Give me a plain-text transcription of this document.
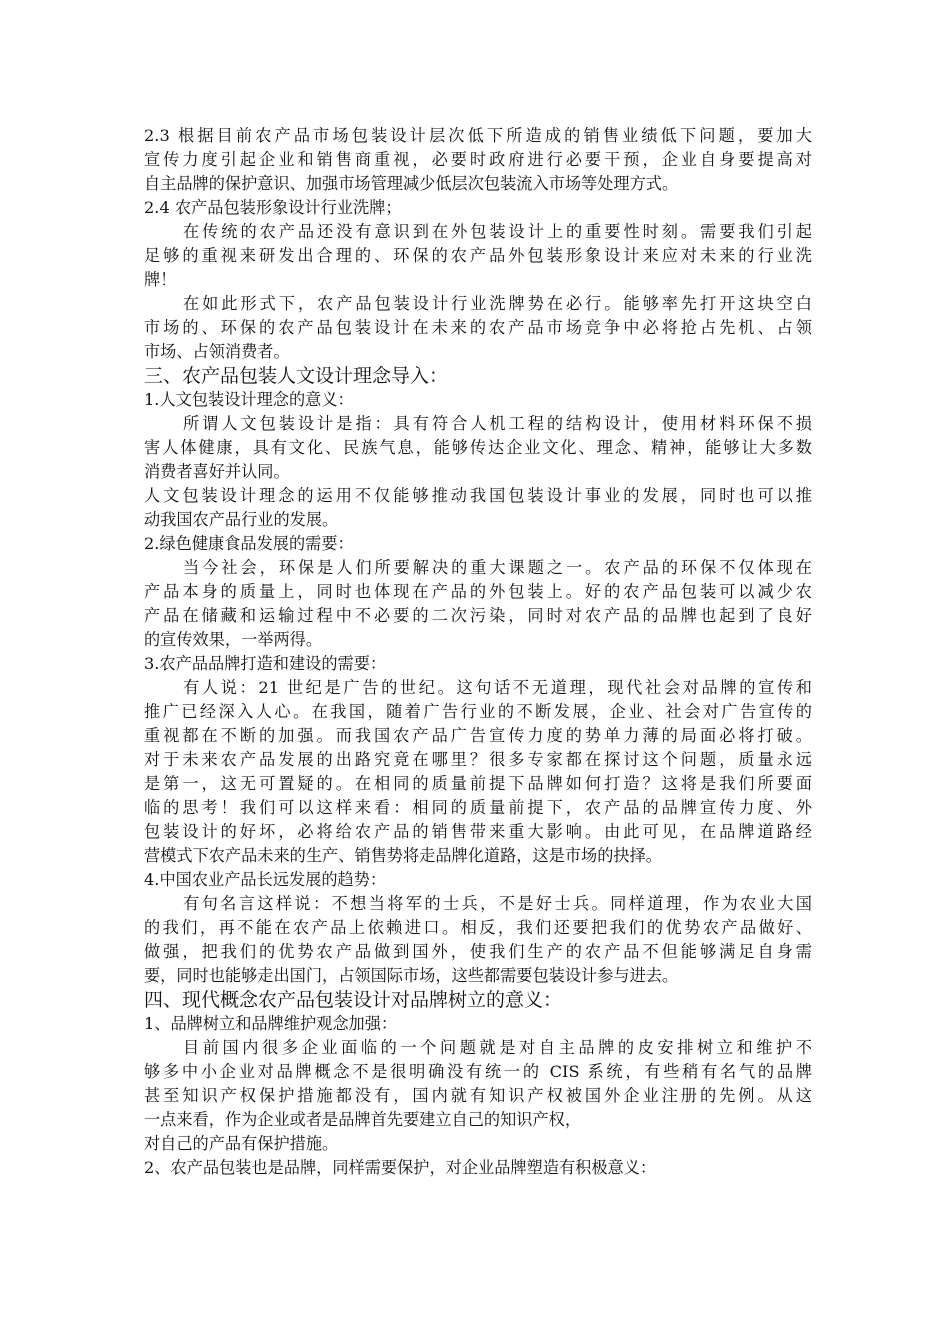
2.3 根据目前农产品市场包装设计层次低下所造成的销售业绩低下问题，要加大
宣传力度引起企业和销售商重视，必要时政府进行必要干预，企业自身要提高对
自主品牌的保护意识、加强市场管理减少低层次包装流入市场等处理方式。
2.4 农产品包装形象设计行业洗牌；
在传统的农产品还没有意识到在外包装设计上的重要性时刻。需要我们引起
足够的重视来研发出合理的、环保的农产品外包装形象设计来应对未来的行业洗
牌！
在如此形式下，农产品包装设计行业洗牌势在必行。能够率先打开这块空白
市场的、环保的农产品包装设计在未来的农产品市场竞争中必将抢占先机、占领
市场、占领消费者。
三、农产品包装人文设计理念导入：
1.人文包装设计理念的意义：
所谓人文包装设计是指：具有符合人机工程的结构设计，使用材料环保不损
害人体健康，具有文化、民族气息，能够传达企业文化、理念、精神，能够让大多数
消费者喜好并认同。
人文包装设计理念的运用不仅能够推动我国包装设计事业的发展，同时也可以推
动我国农产品行业的发展。
2.绿色健康食品发展的需要：
当今社会，环保是人们所要解决的重大课题之一。农产品的环保不仅体现在
产品本身的质量上，同时也体现在产品的外包装上。好的农产品包装可以减少农
产品在储藏和运输过程中不必要的二次污染，同时对农产品的品牌也起到了良好
的宣传效果，一举两得。
3.农产品品牌打造和建设的需要：
有人说：21 世纪是广告的世纪。这句话不无道理，现代社会对品牌的宣传和
推广已经深入人心。在我国，随着广告行业的不断发展，企业、社会对广告宣传的
重视都在不断的加强。而我国农产品广告宣传力度的势单力薄的局面必将打破。
对于未来农产品发展的出路究竟在哪里？很多专家都在探讨这个问题，质量永远
是第一，这无可置疑的。在相同的质量前提下品牌如何打造？这将是我们所要面
临的思考！我们可以这样来看：相同的质量前提下，农产品的品牌宣传力度、外
包装设计的好坏，必将给农产品的销售带来重大影响。由此可见，在品牌道路经
营模式下农产品未来的生产、销售势将走品牌化道路，这是市场的抉择。
4.中国农业产品长远发展的趋势：
有句名言这样说：不想当将军的士兵，不是好士兵。同样道理，作为农业大国
的我们，再不能在农产品上依赖进口。相反，我们还要把我们的优势农产品做好、
做强，把我们的优势农产品做到国外，使我们生产的农产品不但能够满足自身需
要，同时也能够走出国门，占领国际市场，这些都需要包装设计参与进去。
四、现代概念农产品包装设计对品牌树立的意义：
1、品牌树立和品牌维护观念加强：
目前国内很多企业面临的一个问题就是对自主品牌的皮安排树立和维护不
够多中小企业对品牌概念不是很明确没有统一的 CIS 系统，有些稍有名气的品牌
甚至知识产权保护措施都没有，国内就有知识产权被国外企业注册的先例。从这
一点来看，作为企业或者是品牌首先要建立自己的知识产权，
对自己的产品有保护措施。
2、农产品包装也是品牌，同样需要保护，对企业品牌塑造有积极意义：
